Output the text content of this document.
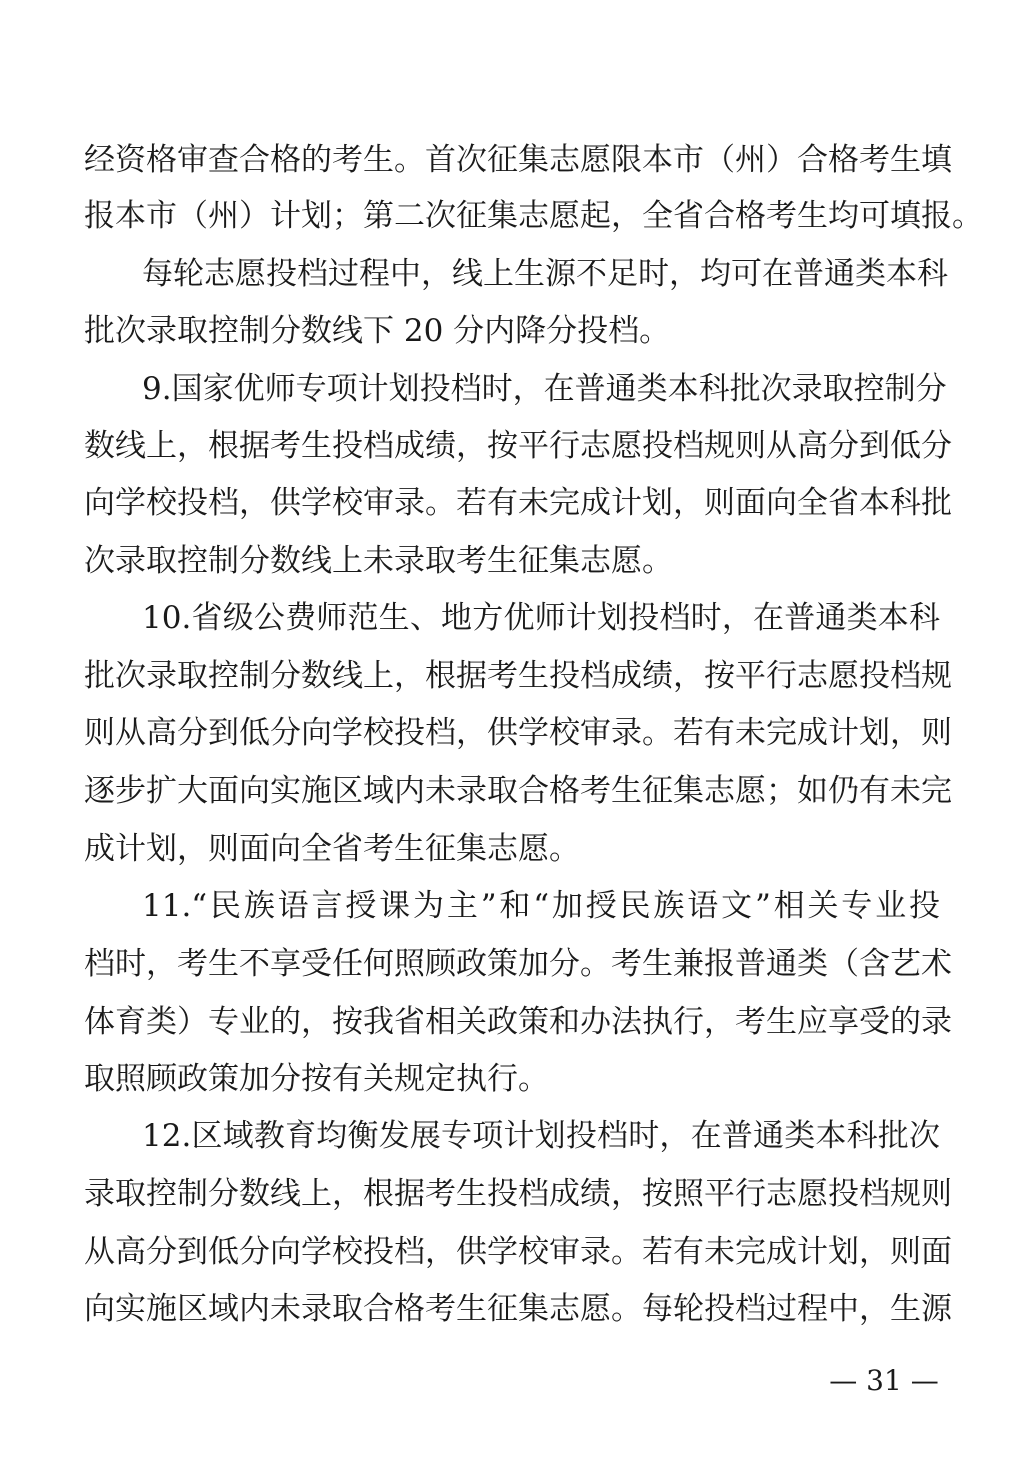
经资格审查合格的考生。首次征集志愿限本市（州）合格考生填
报本市（州）计划；第二次征集志愿起，全省合格考生均可填报。
每轮志愿投档过程中，线上生源不足时，均可在普通类本科
批次录取控制分数线下 20 分内降分投档。
9.国家优师专项计划投档时，在普通类本科批次录取控制分
数线上，根据考生投档成绩，按平行志愿投档规则从高分到低分
向学校投档，供学校审录。若有未完成计划，则面向全省本科批
次录取控制分数线上未录取考生征集志愿。
10.省级公费师范生、地方优师计划投档时，在普通类本科
批次录取控制分数线上，根据考生投档成绩，按平行志愿投档规
则从高分到低分向学校投档，供学校审录。若有未完成计划，则
逐步扩大面向实施区域内未录取合格考生征集志愿；如仍有未完
成计划，则面向全省考生征集志愿。
11.“民族语言授课为主”和“加授民族语文”相关专业投
档时，考生不享受任何照顾政策加分。考生兼报普通类（含艺术
体育类）专业的，按我省相关政策和办法执行，考生应享受的录
取照顾政策加分按有关规定执行。
12.区域教育均衡发展专项计划投档时，在普通类本科批次
录取控制分数线上，根据考生投档成绩，按照平行志愿投档规则
从高分到低分向学校投档，供学校审录。若有未完成计划，则面
向实施区域内未录取合格考生征集志愿。每轮投档过程中，生源
— 31 —
